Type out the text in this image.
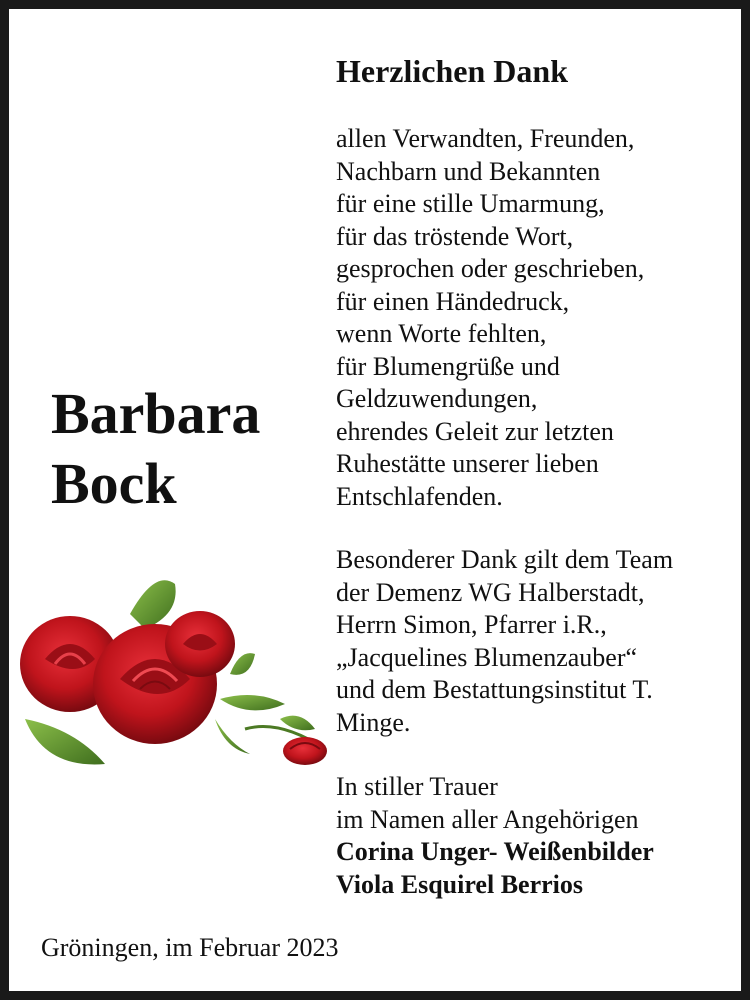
Herzlichen Dank
allen Verwandten, Freunden,
Nachbarn und Bekannten
für eine stille Umarmung,
für das tröstende Wort,
gesprochen oder geschrieben,
für einen Händedruck,
wenn Worte fehlten,
für Blumengrüße und
Geldzuwendungen,
ehrendes Geleit zur letzten
Ruhestätte unserer lieben
Entschlafenden.
Barbara
Bock
Besonderer Dank gilt dem Team
der Demenz WG Halberstadt,
Herrn Simon, Pfarrer i.R.,
„Jacquelines Blumenzauber“
und dem Bestattungsinstitut T.
Minge.
In stiller Trauer
im Namen aller Angehörigen
Corina Unger- Weißenbilder
Viola Esquirel Berrios
Gröningen, im Februar 2023
